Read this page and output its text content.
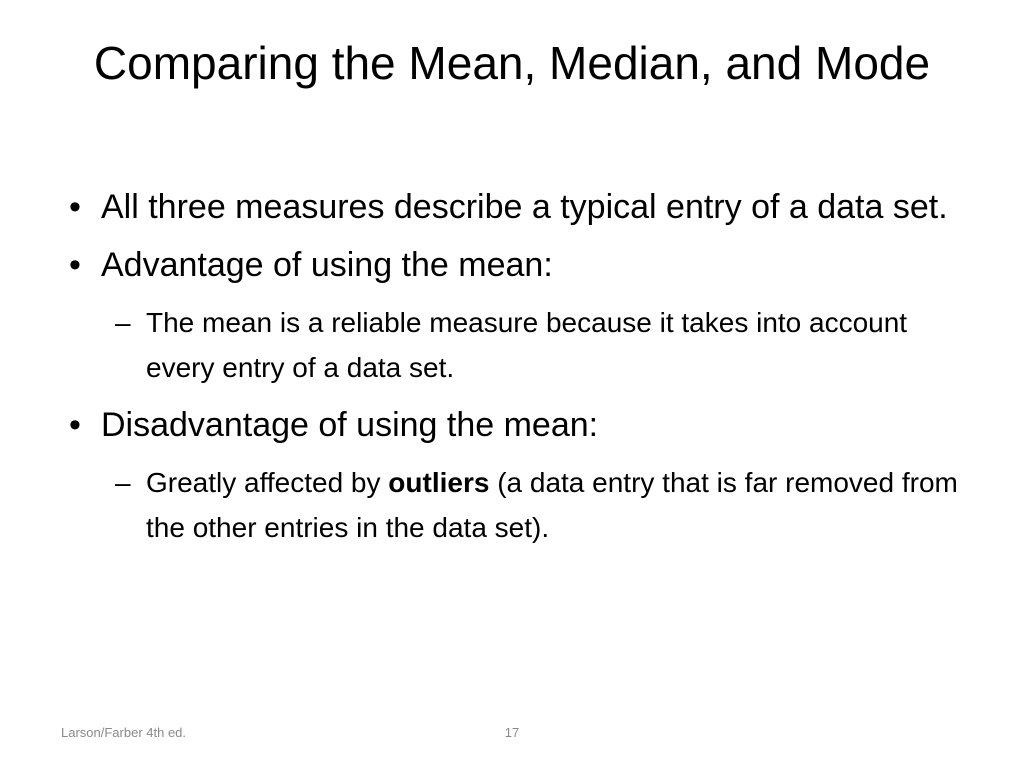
Comparing the Mean, Median, and Mode
• All three measures describe a typical entry of a data set.
• Advantage of using the mean:
– The mean is a reliable measure because it takes into account every entry of a data set.
• Disadvantage of using the mean:
– Greatly affected by outliers (a data entry that is far removed from the other entries in the data set).
Larson/Farber 4th ed.	17
